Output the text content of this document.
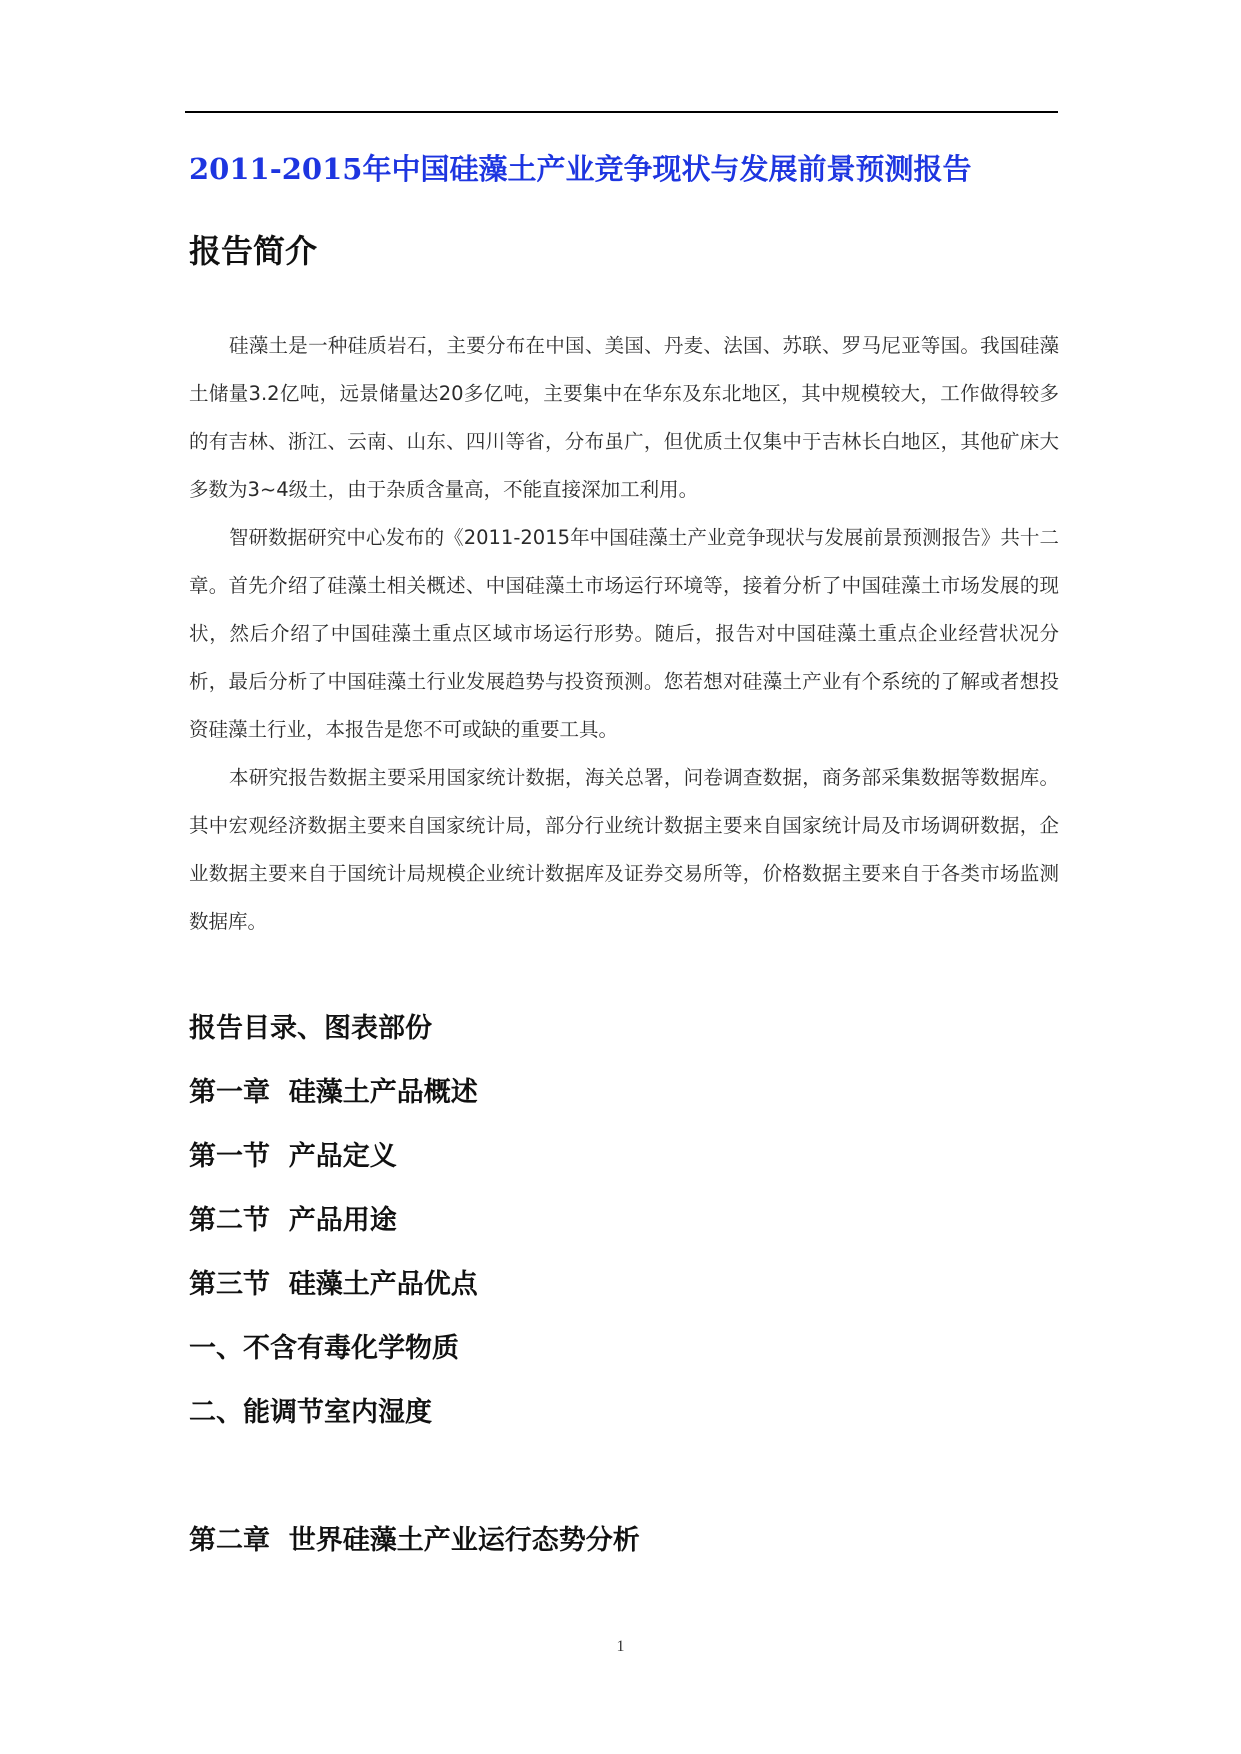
2011-2015年中国硅藻土产业竞争现状与发展前景预测报告
报告简介

硅藻土是一种硅质岩石，主要分布在中国、美国、丹麦、法国、苏联、罗马尼亚等国。我国硅藻土储量3.2亿吨，远景储量达20多亿吨，主要集中在华东及东北地区，其中规模较大，工作做得较多的有吉林、浙江、云南、山东、四川等省，分布虽广，但优质土仅集中于吉林长白地区，其他矿床大多数为3~4级土，由于杂质含量高，不能直接深加工利用。

智研数据研究中心发布的《2011-2015年中国硅藻土产业竞争现状与发展前景预测报告》共十二章。首先介绍了硅藻土相关概述、中国硅藻土市场运行环境等，接着分析了中国硅藻土市场发展的现状，然后介绍了中国硅藻土重点区域市场运行形势。随后，报告对中国硅藻土重点企业经营状况分析，最后分析了中国硅藻土行业发展趋势与投资预测。您若想对硅藻土产业有个系统的了解或者想投资硅藻土行业，本报告是您不可或缺的重要工具。

本研究报告数据主要采用国家统计数据，海关总署，问卷调查数据，商务部采集数据等数据库。其中宏观经济数据主要来自国家统计局，部分行业统计数据主要来自国家统计局及市场调研数据，企业数据主要来自于国统计局规模企业统计数据库及证券交易所等，价格数据主要来自于各类市场监测数据库。

报告目录、图表部份
第一章  硅藻土产品概述
第一节  产品定义
第二节  产品用途
第三节  硅藻土产品优点
一、不含有毒化学物质
二、能调节室内湿度
第二章  世界硅藻土产业运行态势分析
1
